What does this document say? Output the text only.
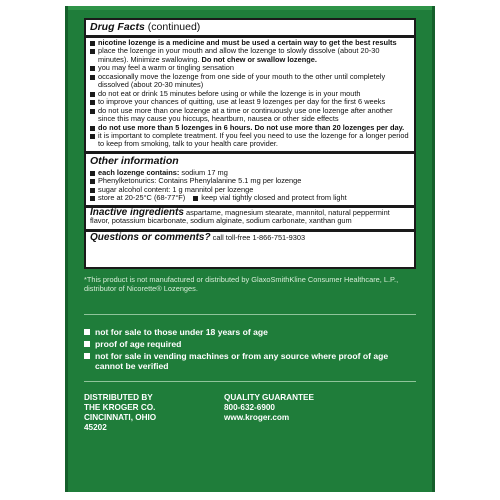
Drug Facts (continued)
nicotine lozenge is a medicine and must be used a certain way to get the best results
place the lozenge in your mouth and allow the lozenge to slowly dissolve (about 20-30 minutes). Minimize swallowing. Do not chew or swallow lozenge.
you may feel a warm or tingling sensation
occasionally move the lozenge from one side of your mouth to the other until completely dissolved (about 20-30 minutes)
do not eat or drink 15 minutes before using or while the lozenge is in your mouth
to improve your chances of quitting, use at least 9 lozenges per day for the first 6 weeks
do not use more than one lozenge at a time or continuously use one lozenge after another since this may cause you hiccups, heartburn, nausea or other side effects
do not use more than 5 lozenges in 6 hours. Do not use more than 20 lozenges per day.
it is important to complete treatment. If you feel you need to use the lozenge for a longer period to keep from smoking, talk to your health care provider.
Other information
each lozenge contains: sodium 17 mg
Phenylketonurics: Contains Phenylalanine 5.1 mg per lozenge
sugar alcohol content: 1 g mannitol per lozenge
store at 20-25°C (68-77°F)	keep vial tightly closed and protect from light
Inactive ingredients aspartame, magnesium stearate, mannitol, natural peppermint flavor, potassium bicarbonate, sodium alginate, sodium carbonate, xanthan gum
Questions or comments? call toll-free 1-866-751-9303
*This product is not manufactured or distributed by GlaxoSmithKline Consumer Healthcare, L.P., distributor of Nicorette® Lozenges.
not for sale to those under 18 years of age
proof of age required
not for sale in vending machines or from any source where proof of age cannot be verified
DISTRIBUTED BY
THE KROGER CO.
CINCINNATI, OHIO
45202
QUALITY GUARANTEE
800-632-6900
www.kroger.com
